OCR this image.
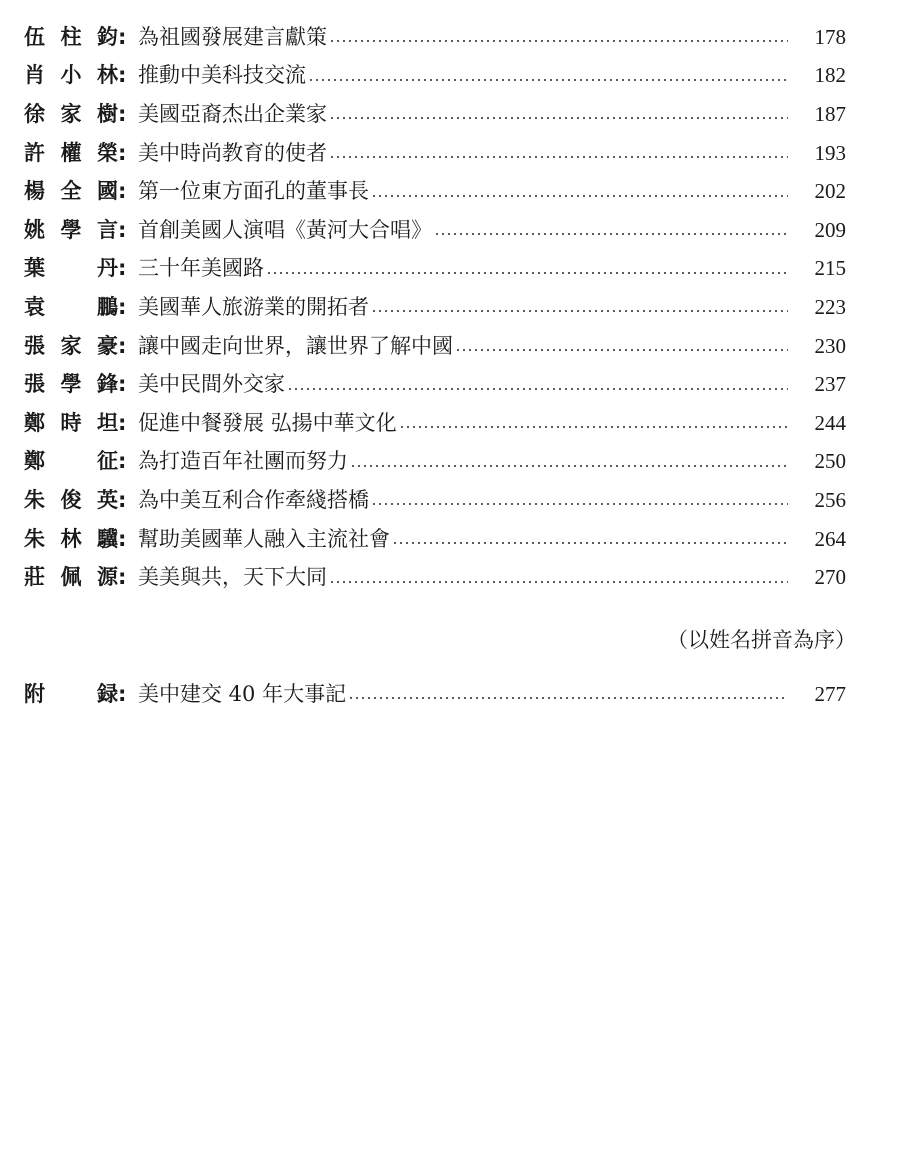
伍 柱 鈞 : 為祖國發展建言獻策	178
肖 小 林 : 推動中美科技交流	182
徐 家 樹 : 美國亞裔杰出企業家	187
許 權 榮 : 美中時尚教育的使者	193
楊 全 國 : 第一位東方面孔的董事長	202
姚 學 言 : 首創美國人演唱《黃河大合唱》	209
葉 丹 : 三十年美國路	215
袁 鵬 : 美國華人旅游業的開拓者	223
張 家 豪 : 讓中國走向世界，讓世界了解中國	230
張 學 鋒 : 美中民間外交家	237
鄭 時 坦 : 促進中餐發展 弘揚中華文化	244
鄭 征 : 為打造百年社團而努力	250
朱 俊 英 : 為中美互利合作牽綫搭橋	256
朱 林 驥 : 幫助美國華人融入主流社會	264
莊 佩 源 : 美美與共，天下大同	270
（以姓名拼音為序）
附 録 : 美中建交 40 年大事記	277
